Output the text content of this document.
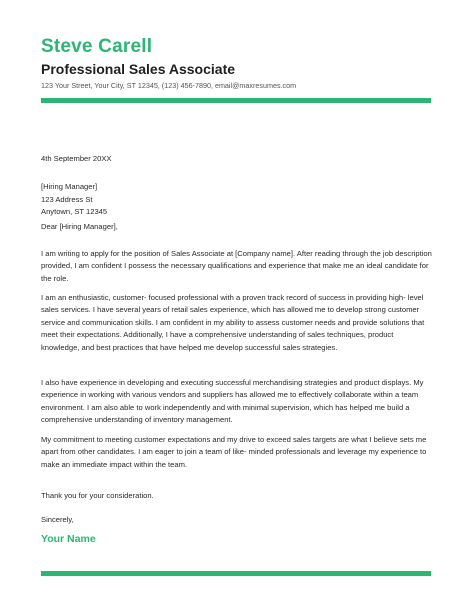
Steve Carell
Professional Sales Associate
123 Your Street, Your City, ST 12345, (123) 456-7890, email@maxresumes.com
4th September 20XX
[Hiring Manager]
123 Address St
Anytown, ST 12345
Dear [Hiring Manager],

I am writing to apply for the position of Sales Associate at [Company name]. After reading through the job description provided, I am confident I possess the necessary qualifications and experience that make me an ideal candidate for the role.

I am an enthusiastic, customer- focused professional with a proven track record of success in providing high- level sales services. I have several years of retail sales experience, which has allowed me to develop strong customer service and communication skills. I am confident in my ability to assess customer needs and provide solutions that meet their expectations. Additionally, I have a comprehensive understanding of sales techniques, product knowledge, and best practices that have helped me develop successful sales strategies.

I also have experience in developing and executing successful merchandising strategies and product displays. My experience in working with various vendors and suppliers has allowed me to effectively collaborate within a team environment. I am also able to work independently and with minimal supervision, which has helped me build a comprehensive understanding of inventory management.

My commitment to meeting customer expectations and my drive to exceed sales targets are what I believe sets me apart from other candidates. I am eager to join a team of like- minded professionals and leverage my experience to make an immediate impact within the team.

Thank you for your consideration.
Sincerely,
Your Name
